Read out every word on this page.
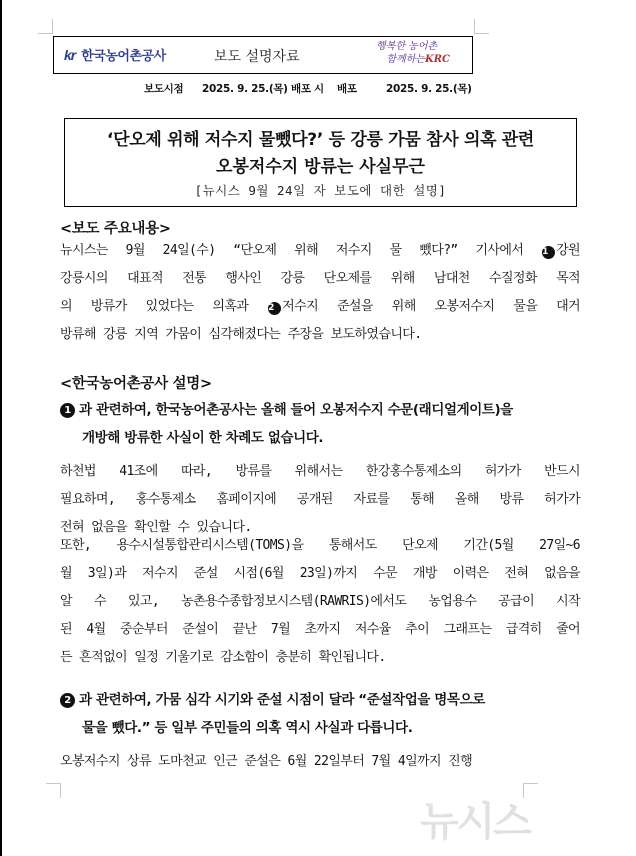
kr 한국농어촌공사	보도 설명자료
행복한 농어촌
함께하는KRC
보도시점 2025. 9. 25.(목) 배포 시 배포	2025. 9. 25.(목)
‘단오제 위해 저수지 물뺐다?’ 등 강릉 가뭄 참사 의혹 관련
오봉저수지 방류는 사실무근
[뉴시스 9월 24일 자 보도에 대한 설명]
<보도 주요내용>
뉴시스는 9월 24일(수) “단오제 위해 저수지 물 뺐다?” 기사에서 1 강원
강릉시의 대표적 전통 행사인 강릉 단오제를 위해 남대천 수질정화 목적
의 방류가 있었다는 의혹과 2 저수지 준설을 위해 오봉저수지 물을 대거
방류해 강릉 지역 가뭄이 심각해졌다는 주장을 보도하였습니다.
<한국농어촌공사 설명>
1 과 관련하여, 한국농어촌공사는 올해 들어 오봉저수지 수문(래디얼게이트)을
개방해 방류한 사실이 한 차례도 없습니다.
하천법 41조에 따라, 방류를 위해서는 한강홍수통제소의 허가가 반드시
필요하며, 홍수통제소 홈페이지에 공개된 자료를 통해 올해 방류 허가가
전혀 없음을 확인할 수 있습니다.
또한, 용수시설통합관리시스템(TOMS)을 통해서도 단오제 기간(5월 27일~6
월 3일)과 저수지 준설 시점(6월 23일)까지 수문 개방 이력은 전혀 없음을
알 수 있고, 농촌용수종합정보시스템(RAWRIS)에서도 농업용수 공급이 시작
된 4월 중순부터 준설이 끝난 7월 초까지 저수율 추이 그래프는 급격히 줄어
든 흔적없이 일정 기울기로 감소함이 충분히 확인됩니다.
2 과 관련하여, 가뭄 심각 시기와 준설 시점이 달라 “준설작업을 명목으로
물을 뺐다.” 등 일부 주민들의 의혹 역시 사실과 다릅니다.
오봉저수지 상류 도마천교 인근 준설은 6월 22일부터 7월 4일까지 진행
뉴시스
